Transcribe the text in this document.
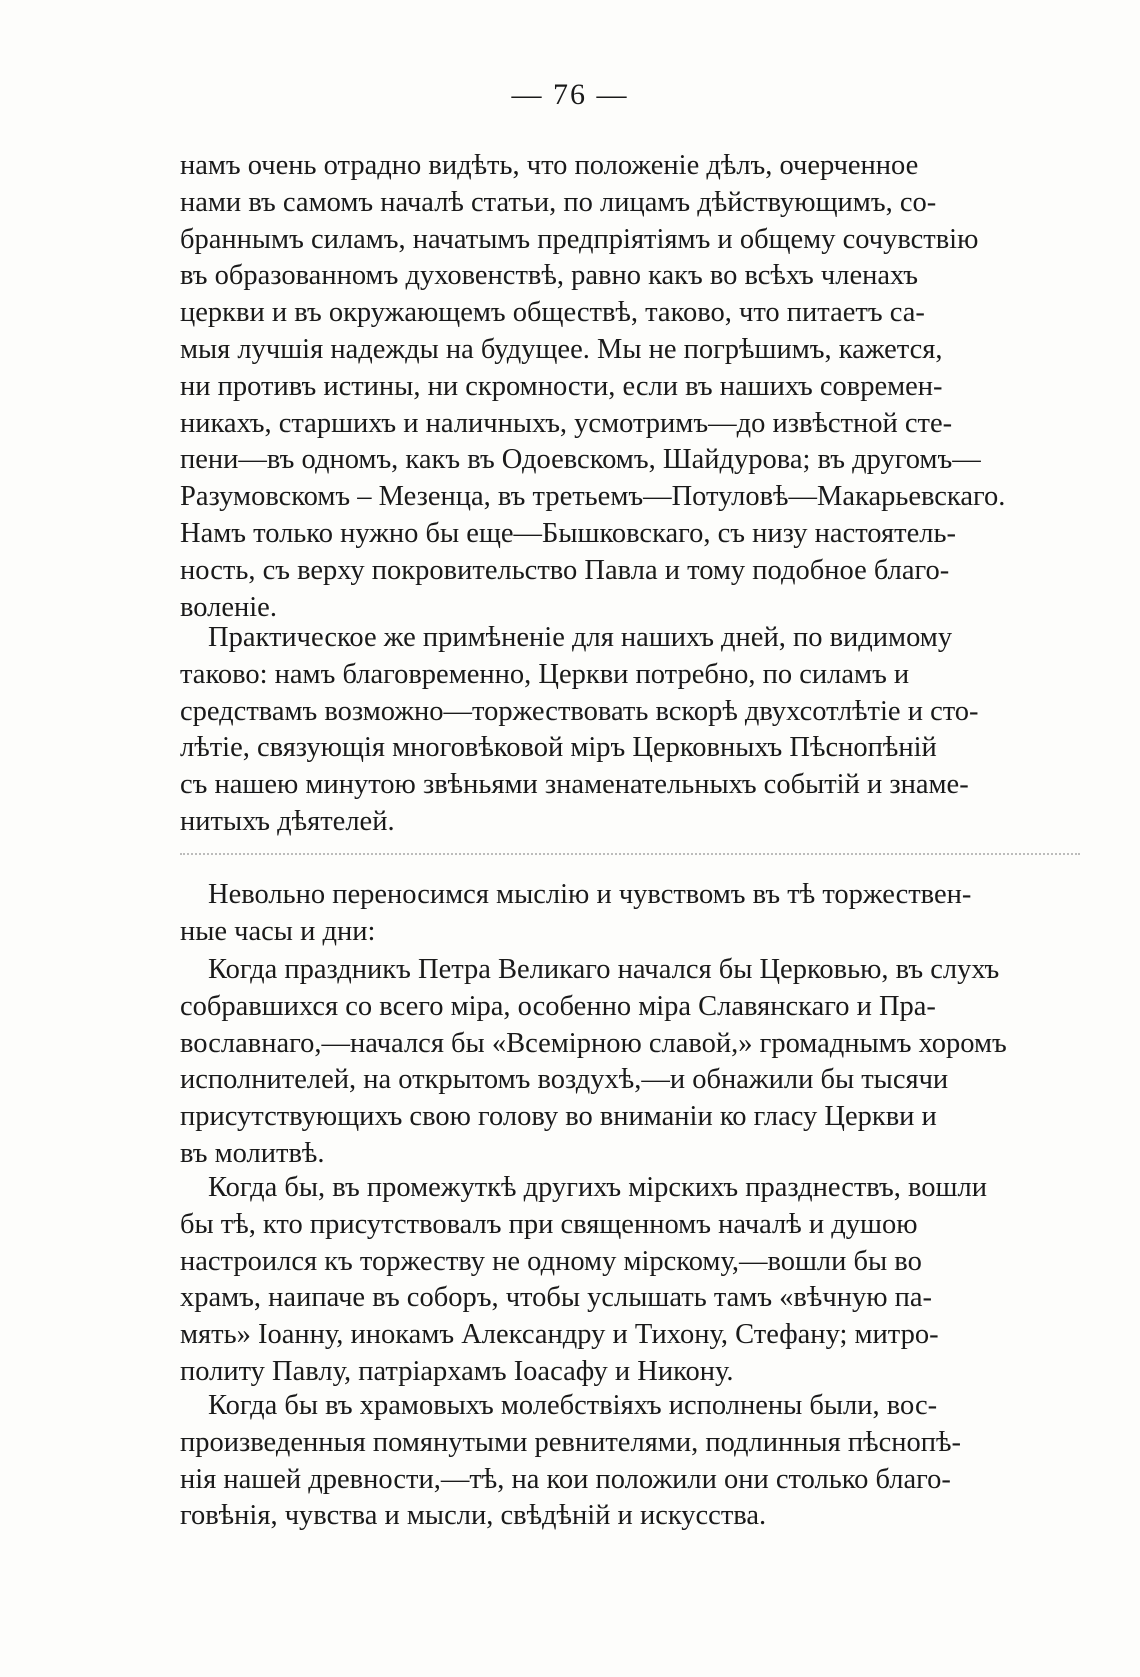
— 76 —
намъ очень отрадно видѣть, что положеніе дѣлъ, очерченное
нами въ самомъ началѣ статьи, по лицамъ дѣйствующимъ, со-
браннымъ силамъ, начатымъ предпріятіямъ и общему сочувствію
въ образованномъ духовенствѣ, равно какъ во всѣхъ членахъ
церкви и въ окружающемъ обществѣ, таково, что питаетъ са-
мыя лучшія надежды на будущее. Мы не погрѣшимъ, кажется,
ни противъ истины, ни скромности, если въ нашихъ современ-
никахъ, старшихъ и наличныхъ, усмотримъ—до извѣстной сте-
пени—въ одномъ, какъ въ Одоевскомъ, Шайдурова; въ другомъ—
Разумовскомъ – Мезенца, въ третьемъ—Потуловѣ—Макарьевскаго.
Намъ только нужно бы еще—Бышковскаго, съ низу настоятель-
ность, съ верху покровительство Павла и тому подобное благо-
воленіе.
Практическое же примѣненіе для нашихъ дней, по видимому
таково: намъ благовременно, Церкви потребно, по силамъ и
средствамъ возможно—торжествовать вскорѣ двухсотлѣтіе и сто-
лѣтіе, связующія многовѣковой міръ Церковныхъ Пѣснопѣній
съ нашею минутою звѣньями знаменательныхъ событій и знаме-
нитыхъ дѣятелей.
Невольно переносимся мыслію и чувствомъ въ тѣ торжествен-
ные часы и дни:
Когда праздникъ Петра Великаго начался бы Церковью, въ слухъ
собравшихся со всего міра, особенно міра Славянскаго и Пра-
вославнаго,—начался бы «Всемірною славой,» громаднымъ хоромъ
исполнителей, на открытомъ воздухѣ,—и обнажили бы тысячи
присутствующихъ свою голову во вниманіи ко гласу Церкви и
въ молитвѣ.
Когда бы, въ промежуткѣ другихъ мірскихъ празднествъ, вошли
бы тѣ, кто присутствовалъ при священномъ началѣ и душою
настроился къ торжеству не одному мірскому,—вошли бы во
храмъ, наипаче въ соборъ, чтобы услышать тамъ «вѣчную па-
мять» Іоанну, инокамъ Александру и Тихону, Стефану; митро-
политу Павлу, патріархамъ Іоасафу и Никону.
Когда бы въ храмовыхъ молебствіяхъ исполнены были, вос-
произведенныя помянутыми ревнителями, подлинныя пѣснопѣ-
нія нашей древности,—тѣ, на кои положили они столько благо-
говѣнія, чувства и мысли, свѣдѣній и искусства.
